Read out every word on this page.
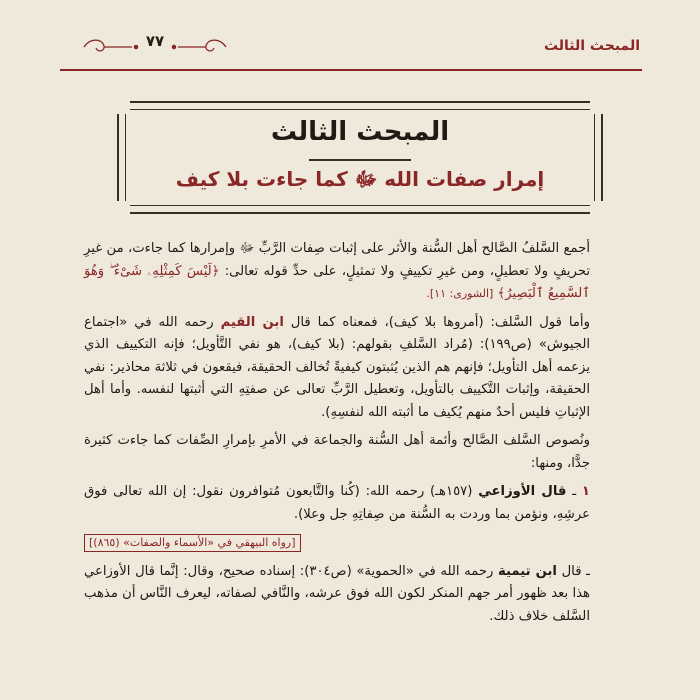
المبحث الثالث
٧٧
المبحث الثالث
إمرار صفات الله ﷻ كما جاءت بلا كيف

أجمع السَّلفُ الصَّالح أهل السُّنة والأثر على إثبات صِفات الرَّبِّ ﷻ وإمرارها كما جاءت، من غيرِ تحريفٍ ولا تعطيلٍ، ومن غيرِ تكييفٍ ولا تمثيلٍ، على حدِّ قوله تعالى: ﴿لَيْسَ كَمِثْلِهِۦ شَىْءٌ ۖ وَهُوَ ٱلسَّمِيعُ ٱلْبَصِيرُ﴾ [الشورى: ١١].

وأما قول السَّلف: (أمروها بلا كيف)، فمعناه كما قال ابن القيم رحمه الله في «اجتماع الجيوش» (ص١٩٩): (مُراد السَّلفِ بقولهم: (بلا كيف)، هو نفي التَّأويل؛ فإنه التكييف الذي يزعمه أهل التأويل؛ فإنهم هم الذين يُثبتون كيفيةً تُخالف الحقيقة، فيقعون في ثلاثة محاذير: نفي الحقيقة، وإثبات التَّكييف بالتأويل، وتعطيل الرَّبِّ تعالى عن صفتِهِ التي أثبتها لنفسه. وأما أهل الإثباتِ فليس أحدٌ منهم يُكيف ما أثبته الله لنفسِهِ).

ونُصوص السَّلف الصَّالح وأئمة أهل السُّنة والجماعة في الأمرِ بإمرارِ الصِّفات كما جاءت كثيرة جدًّا، ومنها:

١ ـ قال الأوزاعي (١٥٧هـ) رحمه الله: (كُنا والتَّابعون مُتوافرون نقول: إن الله تعالى فوق عرشِهِ، ونؤمن بما وردت به السُّنة من صِفاتِهِ جل وعلا).

[رواه البيهقي في «الأسماء والصفات» (٨٦٥)]

ـ قال ابن تيمية رحمه الله في «الحموية» (ص٣٠٤): إسناده صحيح، وقال: إنَّما قال الأوزاعي هذا بعد ظهور أمر جهم المنكر لكون الله فوق عرشه، والنَّافي لصفاته، ليعرف النَّاس أن مذهب السَّلف خلاف ذلك.
